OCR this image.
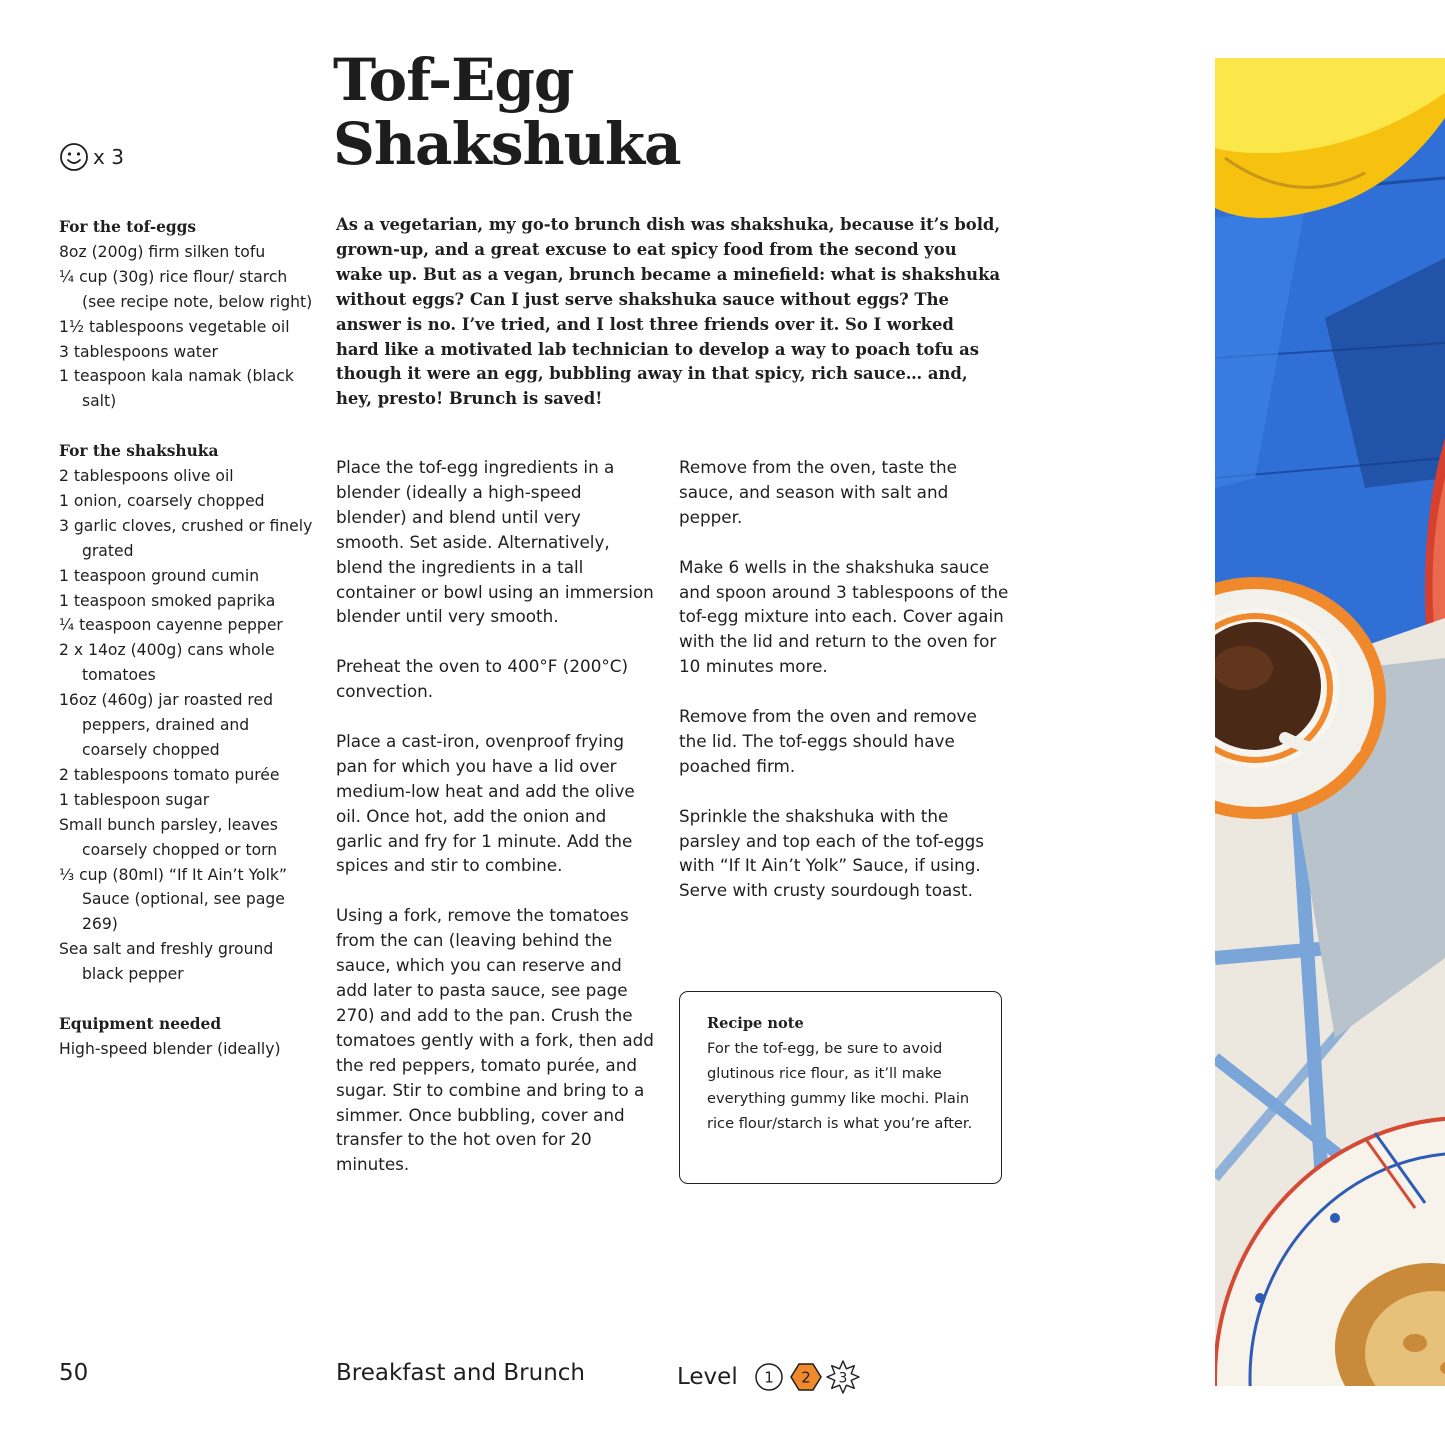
Tof-Egg
Shakshuka
x 3
For the tof-eggs
8oz (200g) firm silken tofu
¼ cup (30g) rice flour/ starch (see recipe note, below right)
1½ tablespoons vegetable oil
3 tablespoons water
1 teaspoon kala namak (black salt)
For the shakshuka
2 tablespoons olive oil
1 onion, coarsely chopped
3 garlic cloves, crushed or finely grated
1 teaspoon ground cumin
1 teaspoon smoked paprika
¼ teaspoon cayenne pepper
2 x 14oz (400g) cans whole tomatoes
16oz (460g) jar roasted red peppers, drained and coarsely chopped
2 tablespoons tomato purée
1 tablespoon sugar
Small bunch parsley, leaves coarsely chopped or torn
⅓ cup (80ml) “If It Ain’t Yolk” Sauce (optional, see page 269)
Sea salt and freshly ground black pepper
Equipment needed
High-speed blender (ideally)

As a vegetarian, my go-to brunch dish was shakshuka, because it’s bold, grown-up, and a great excuse to eat spicy food from the second you wake up. But as a vegan, brunch became a minefield: what is shakshuka without eggs? Can I just serve shakshuka sauce without eggs? The answer is no. I’ve tried, and I lost three friends over it. So I worked hard like a motivated lab technician to develop a way to poach tofu as though it were an egg, bubbling away in that spicy, rich sauce… and, hey, presto! Brunch is saved!

Place the tof-egg ingredients in a blender (ideally a high-speed blender) and blend until very smooth. Set aside. Alternatively, blend the ingredients in a tall container or bowl using an immersion blender until very smooth.

Preheat the oven to 400°F (200°C) convection.

Place a cast-iron, ovenproof frying pan for which you have a lid over medium-low heat and add the olive oil. Once hot, add the onion and garlic and fry for 1 minute. Add the spices and stir to combine.

Using a fork, remove the tomatoes from the can (leaving behind the sauce, which you can reserve and add later to pasta sauce, see page 270) and add to the pan. Crush the tomatoes gently with a fork, then add the red peppers, tomato purée, and sugar. Stir to combine and bring to a simmer. Once bubbling, cover and transfer to the hot oven for 20 minutes.

Remove from the oven, taste the sauce, and season with salt and pepper.

Make 6 wells in the shakshuka sauce and spoon around 3 tablespoons of the tof-egg mixture into each. Cover again with the lid and return to the oven for 10 minutes more.

Remove from the oven and remove the lid. The tof-eggs should have poached firm.

Sprinkle the shakshuka with the parsley and top each of the tof-eggs with “If It Ain’t Yolk” Sauce, if using. Serve with crusty sourdough toast.

Recipe note
For the tof-egg, be sure to avoid glutinous rice flour, as it’ll make everything gummy like mochi. Plain rice flour/starch is what you’re after.
50	Breakfast and Brunch	Level 1 2 3
